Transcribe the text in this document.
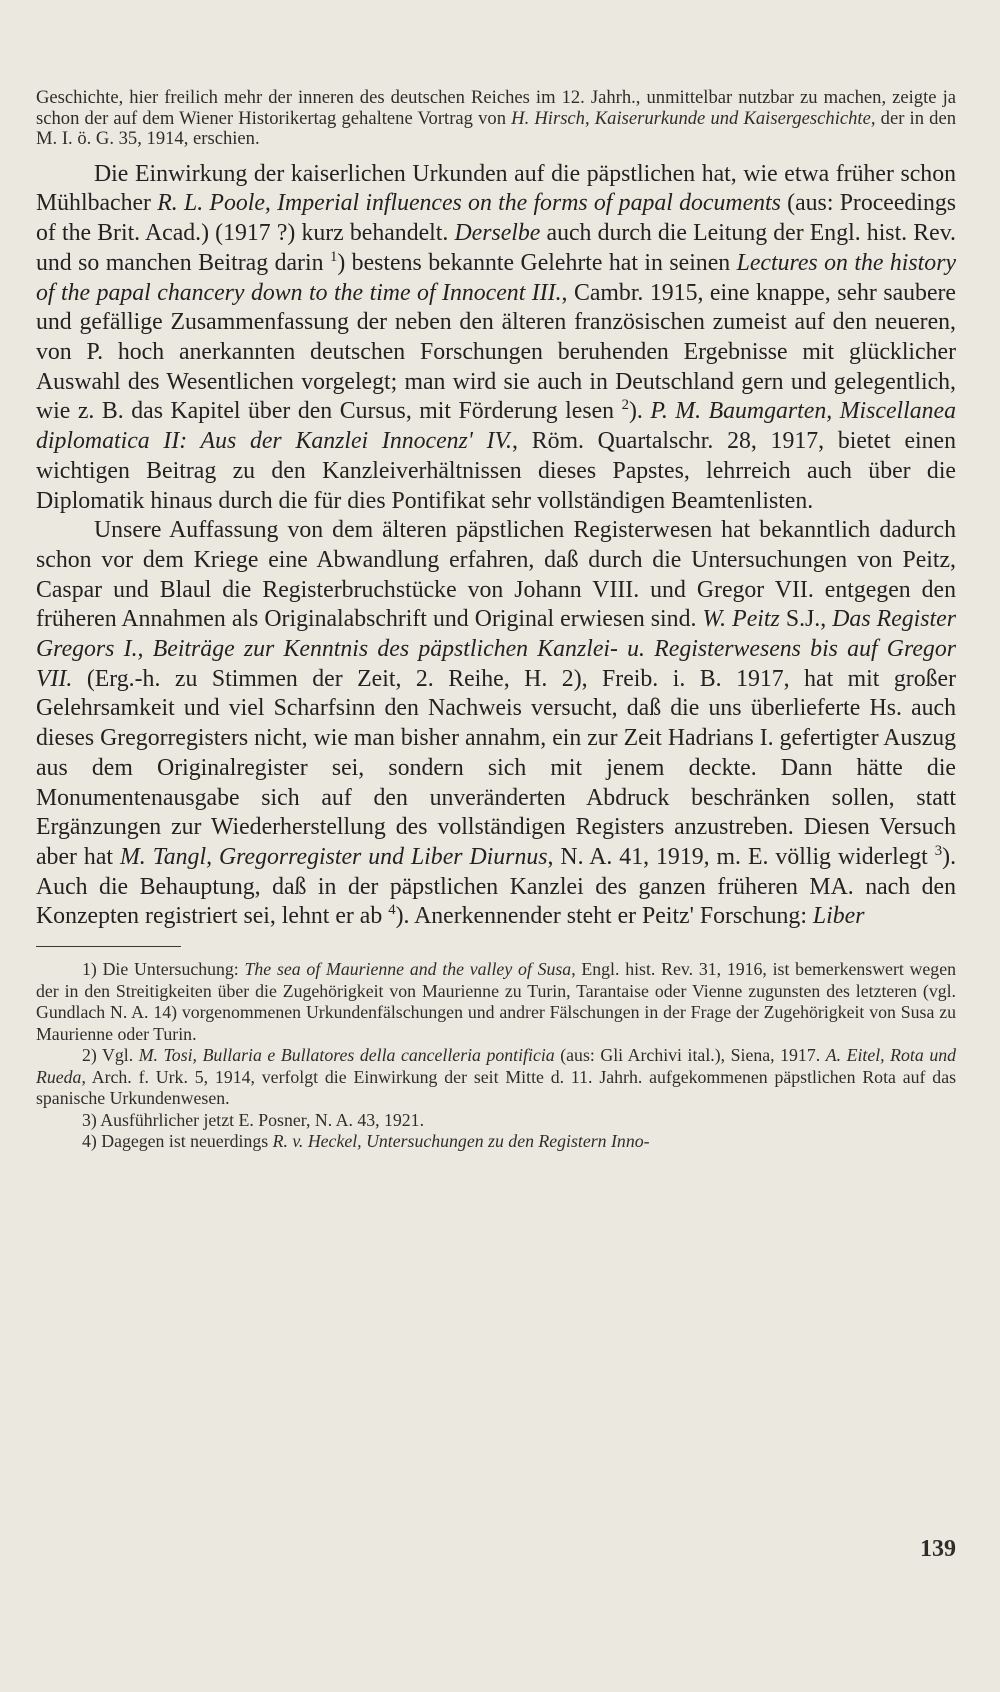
Geschichte, hier freilich mehr der inneren des deutschen Reiches im 12. Jahrh., unmittelbar nutzbar zu machen, zeigte ja schon der auf dem Wiener Historikertag gehaltene Vortrag von H. Hirsch, Kaiserurkunde und Kaisergeschichte, der in den M. I. ö. G. 35, 1914, erschien.

Die Einwirkung der kaiserlichen Urkunden auf die päpstlichen hat, wie etwa früher schon Mühlbacher R. L. Poole, Imperial influences on the forms of papal documents (aus: Proceedings of the Brit. Acad.) (1917 ?) kurz behandelt. Derselbe auch durch die Leitung der Engl. hist. Rev. und so manchen Beitrag darin $^1$) bestens bekannte Gelehrte hat in seinen Lectures on the history of the papal chancery down to the time of Innocent III., Cambr. 1915, eine knappe, sehr saubere und gefällige Zusammenfassung der neben den älteren französischen zumeist auf den neueren, von P. hoch anerkannten deutschen Forschungen beruhenden Ergebnisse mit glücklicher Auswahl des Wesentlichen vorgelegt; man wird sie auch in Deutschland gern und gelegentlich, wie z. B. das Kapitel über den Cursus, mit Förderung lesen $^2$). P. M. Baumgarten, Miscellanea diplomatica II: Aus der Kanzlei Innocenz' IV., Röm. Quartalschr. 28, 1917, bietet einen wichtigen Beitrag zu den Kanzleiverhältnissen dieses Papstes, lehrreich auch über die Diplomatik hinaus durch die für dies Pontifikat sehr vollständigen Beamtenlisten.

Unsere Auffassung von dem älteren päpstlichen Registerwesen hat bekanntlich dadurch schon vor dem Kriege eine Abwandlung erfahren, daß durch die Untersuchungen von Peitz, Caspar und Blaul die Registerbruchstücke von Johann VIII. und Gregor VII. entgegen den früheren Annahmen als Originalabschrift und Original erwiesen sind. W. Peitz S.J., Das Register Gregors I., Beiträge zur Kenntnis des päpstlichen Kanzlei- u. Registerwesens bis auf Gregor VII. (Erg.-h. zu Stimmen der Zeit, 2. Reihe, H. 2), Freib. i. B. 1917, hat mit großer Gelehrsamkeit und viel Scharfsinn den Nachweis versucht, daß die uns überlieferte Hs. auch dieses Gregorregisters nicht, wie man bisher annahm, ein zur Zeit Hadrians I. gefertigter Auszug aus dem Originalregister sei, sondern sich mit jenem deckte. Dann hätte die Monumentenausgabe sich auf den unveränderten Abdruck beschränken sollen, statt Ergänzungen zur Wiederherstellung des vollständigen Registers anzustreben. Diesen Versuch aber hat M. Tangl, Gregorregister und Liber Diurnus, N. A. 41, 1919, m. E. völlig widerlegt $^3$). Auch die Behauptung, daß in der päpstlichen Kanzlei des ganzen früheren MA. nach den Konzepten registriert sei, lehnt er ab $^4$). Anerkennender steht er Peitz' Forschung: Liber

1) Die Untersuchung: The sea of Maurienne and the valley of Susa, Engl. hist. Rev. 31, 1916, ist bemerkenswert wegen der in den Streitigkeiten über die Zugehörigkeit von Maurienne zu Turin, Tarantaise oder Vienne zugunsten des letzteren (vgl. Gundlach N. A. 14) vorgenommenen Urkundenfälschungen und andrer Fälschungen in der Frage der Zugehörigkeit von Susa zu Maurienne oder Turin.

2) Vgl. M. Tosi, Bullaria e Bullatores della cancelleria pontificia (aus: Gli Archivi ital.), Siena, 1917. A. Eitel, Rota und Rueda, Arch. f. Urk. 5, 1914, verfolgt die Einwirkung der seit Mitte d. 11. Jahrh. aufgekommenen päpstlichen Rota auf das spanische Urkundenwesen.

3) Ausführlicher jetzt E. Posner, N. A. 43, 1921.

4) Dagegen ist neuerdings R. v. Heckel, Untersuchungen zu den Registern Inno-

139
